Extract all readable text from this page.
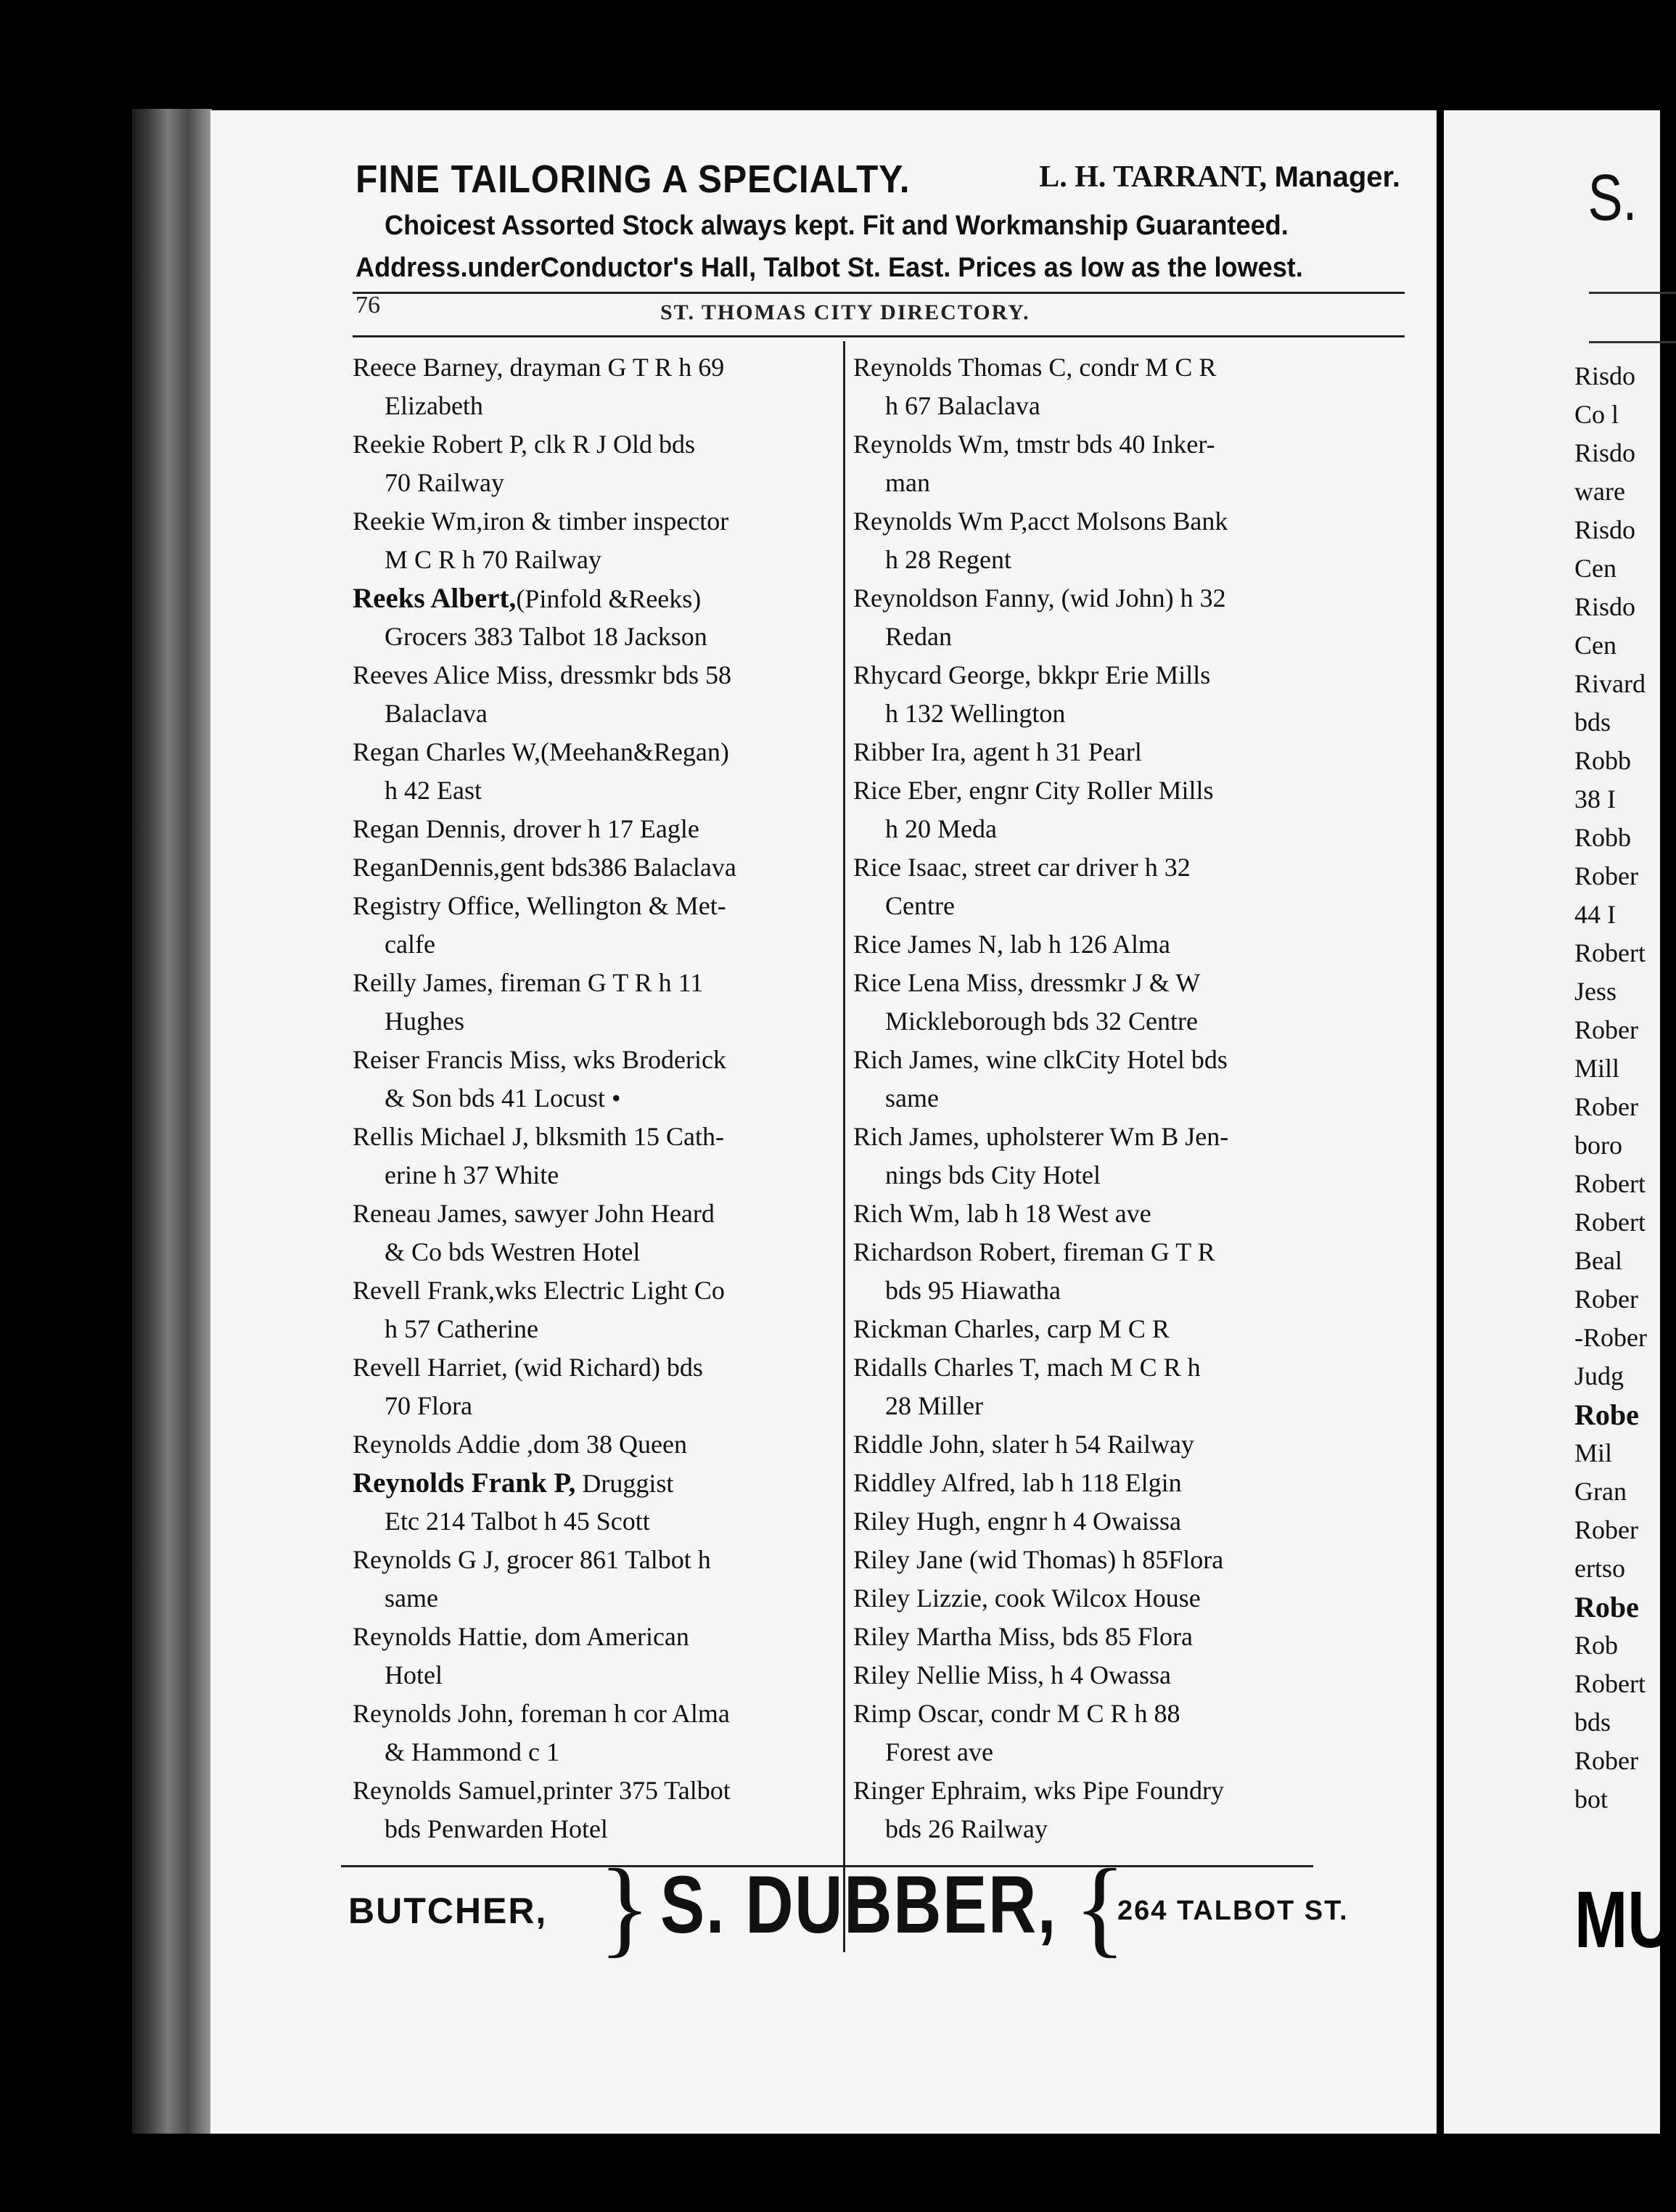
FINE TAILORING A SPECIALTY.	L. H. TARRANT, Manager.
Choicest Assorted Stock always kept. Fit and Workmanship Guaranteed.
Address.underConductor's Hall, Talbot St. East. Prices as low as the lowest.
76	ST. THOMAS CITY DIRECTORY.
Reece Barney, drayman G T R h 69
Elizabeth
Reekie Robert P, clk R J Old bds
70 Railway
Reekie Wm,iron & timber inspector
M C R h 70 Railway
Reeks Albert,(Pinfold &Reeks)
Grocers 383 Talbot 18 Jackson
Reeves Alice Miss, dressmkr bds 58
Balaclava
Regan Charles W,(Meehan&Regan)
h 42 East
Regan Dennis, drover h 17 Eagle
ReganDennis,gent bds386 Balaclava
Registry Office, Wellington & Met-
calfe
Reilly James, fireman G T R h 11
Hughes
Reiser Francis Miss, wks Broderick
& Son bds 41 Locust •
Rellis Michael J, blksmith 15 Cath-
erine h 37 White
Reneau James, sawyer John Heard
& Co bds Westren Hotel
Revell Frank,wks Electric Light Co
h 57 Catherine
Revell Harriet, (wid Richard) bds
70 Flora
Reynolds Addie ,dom 38 Queen
Reynolds Frank P, Druggist
Etc 214 Talbot h 45 Scott
Reynolds G J, grocer 861 Talbot h
same
Reynolds Hattie, dom American
Hotel
Reynolds John, foreman h cor Alma
& Hammond c 1
Reynolds Samuel,printer 375 Talbot
bds Penwarden Hotel
Reynolds Thomas C, condr M C R
h 67 Balaclava
Reynolds Wm, tmstr bds 40 Inker-
man
Reynolds Wm P,acct Molsons Bank
h 28 Regent
Reynoldson Fanny, (wid John) h 32
Redan
Rhycard George, bkkpr Erie Mills
h 132 Wellington
Ribber Ira, agent h 31 Pearl
Rice Eber, engnr City Roller Mills
h 20 Meda
Rice Isaac, street car driver h 32
Centre
Rice James N, lab h 126 Alma
Rice Lena Miss, dressmkr J & W
Mickleborough bds 32 Centre
Rich James, wine clkCity Hotel bds
same
Rich James, upholsterer Wm B Jen-
nings bds City Hotel
Rich Wm, lab h 18 West ave
Richardson Robert, fireman G T R
bds 95 Hiawatha
Rickman Charles, carp M C R
Ridalls Charles T, mach M C R h
28 Miller
Riddle John, slater h 54 Railway
Riddley Alfred, lab h 118 Elgin
Riley Hugh, engnr h 4 Owaissa
Riley Jane (wid Thomas) h 85Flora
Riley Lizzie, cook Wilcox House
Riley Martha Miss, bds 85 Flora
Riley Nellie Miss, h 4 Owassa
Rimp Oscar, condr M C R h 88
Forest ave
Ringer Ephraim, wks Pipe Foundry
bds 26 Railway
BUTCHER, } S. DUBBER, {
264 TALBOT ST.
S.
Risdo
Co l
Risdo
ware
Risdo
Cen
Risdo
Cen
Rivard
bds
Robb
38 I
Robb
Rober
44 I
Robert
Jess
Rober
Mill
Rober
boro
Robert
Robert
Beal
Rober
-Rober
Judg
Robe
Mil
Gran
Rober
ertso
Robe
Rob
Robert
bds
Rober
bot
MU
